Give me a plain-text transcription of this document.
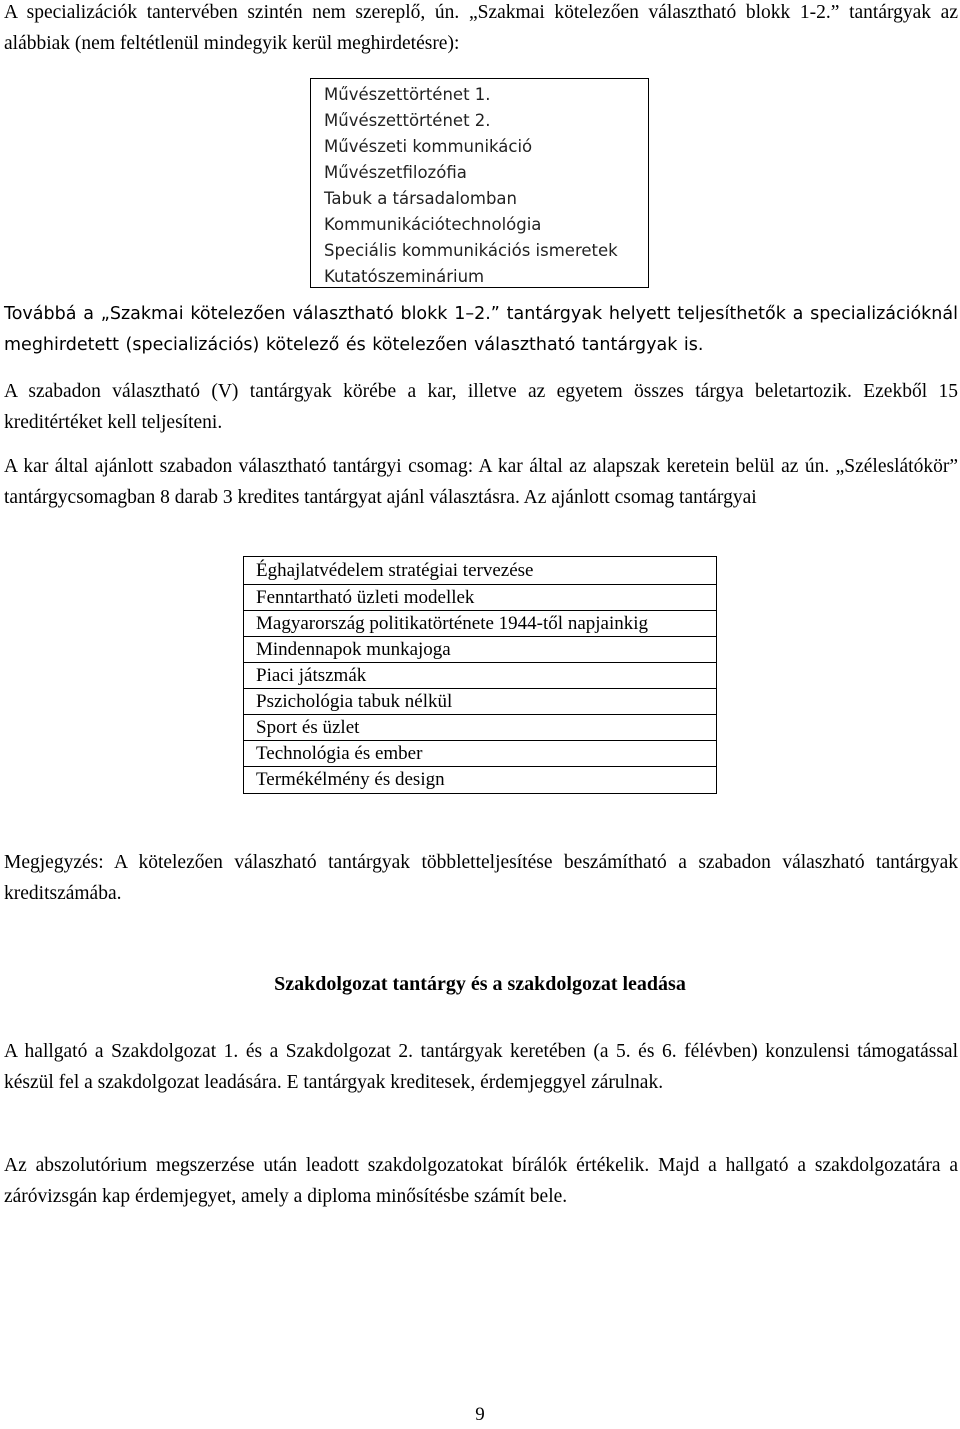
A specializációk tantervében szintén nem szereplő, ún. „Szakmai kötelezően választható blokk 1-2.” tantárgyak az alábbiak (nem feltétlenül mindegyik kerül meghirdetésre):

Művészettörténet 1.
Művészettörténet 2.
Művészeti kommunikáció
Művészetfilozófia
Tabuk a társadalomban
Kommunikációtechnológia
Speciális kommunikációs ismeretek
Kutatószeminárium

Továbbá a „Szakmai kötelezően választható blokk 1–2.” tantárgyak helyett teljesíthetők a specializációknál meghirdetett (specializációs) kötelező és kötelezően választható tantárgyak is.

A szabadon választható (V) tantárgyak körébe a kar, illetve az egyetem összes tárgya beletartozik. Ezekből 15 kreditértéket kell teljesíteni.

A kar által ajánlott szabadon választható tantárgyi csomag: A kar által az alapszak keretein belül az ún. „Széleslátókör” tantárgycsomagban 8 darab 3 kredites tantárgyat ajánl választásra. Az ajánlott csomag tantárgyai

Éghajlatvédelem stratégiai tervezése
Fenntartható üzleti modellek
Magyarország politikatörténete 1944-től napjainkig
Mindennapok munkajoga
Piaci játszmák
Pszichológia tabuk nélkül
Sport és üzlet
Technológia és ember
Termékélmény és design

Megjegyzés: A kötelezően válaszható tantárgyak többletteljesítése beszámítható a szabadon válaszható tantárgyak kreditszámába.

Szakdolgozat tantárgy és a szakdolgozat leadása

A hallgató a Szakdolgozat 1. és a Szakdolgozat 2. tantárgyak keretében (a 5. és 6. félévben) konzulensi támogatással készül fel a szakdolgozat leadására. E tantárgyak kreditesek, érdemjeggyel zárulnak.

Az abszolutórium megszerzése után leadott szakdolgozatokat bírálók értékelik. Majd a hallgató a szakdolgozatára a záróvizsgán kap érdemjegyet, amely a diploma minősítésbe számít bele.

9
